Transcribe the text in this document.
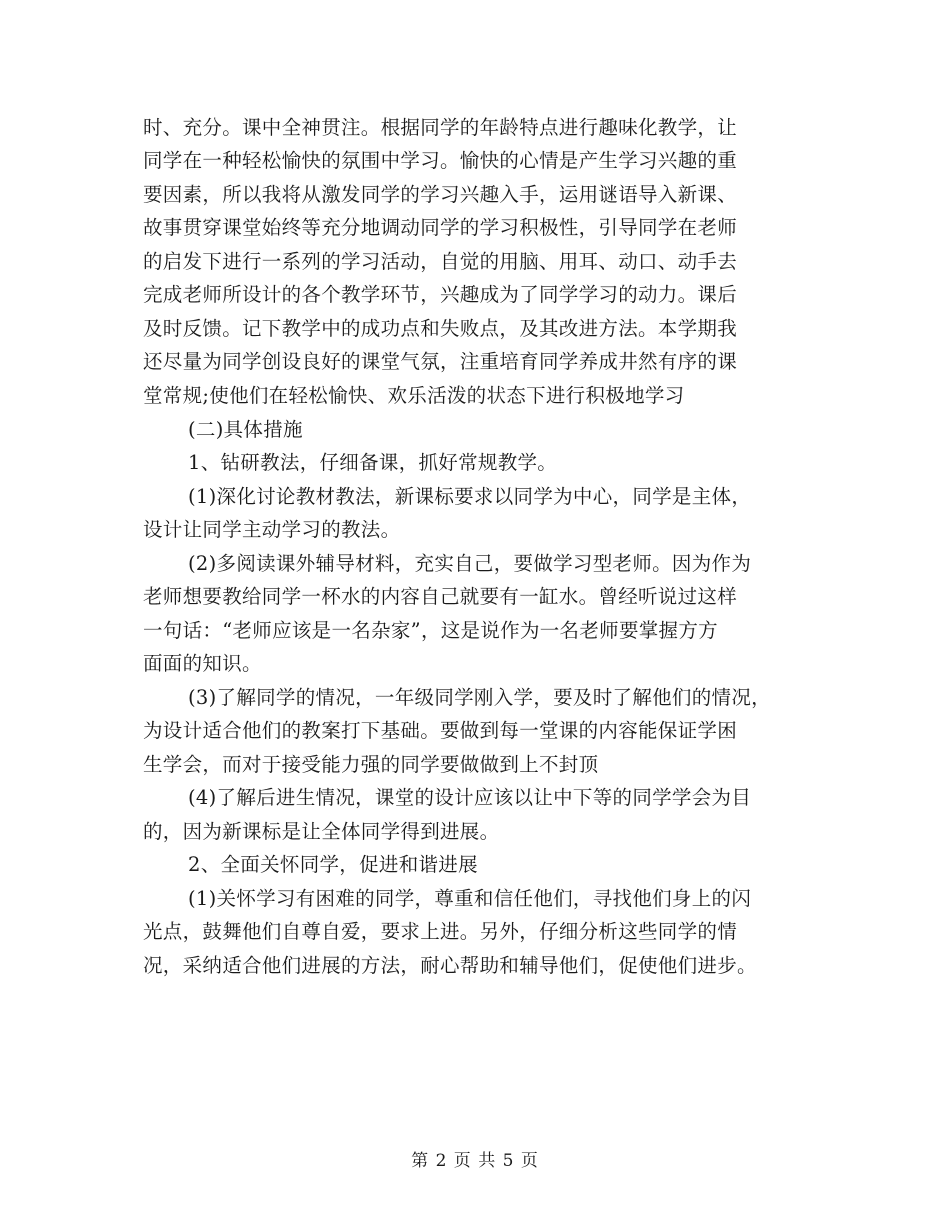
时、充分。课中全神贯注。根据同学的年龄特点进行趣味化教学，让
同学在一种轻松愉快的氛围中学习。愉快的心情是产生学习兴趣的重
要因素，所以我将从激发同学的学习兴趣入手，运用谜语导入新课、
故事贯穿课堂始终等充分地调动同学的学习积极性，引导同学在老师
的启发下进行一系列的学习活动，自觉的用脑、用耳、动口、动手去
完成老师所设计的各个教学环节，兴趣成为了同学学习的动力。课后
及时反馈。记下教学中的成功点和失败点，及其改进方法。本学期我
还尽量为同学创设良好的课堂气氛，注重培育同学养成井然有序的课
堂常规;使他们在轻松愉快、欢乐活泼的状态下进行积极地学习
(二)具体措施
1、钻研教法，仔细备课，抓好常规教学。
(1)深化讨论教材教法，新课标要求以同学为中心，同学是主体，
设计让同学主动学习的教法。
(2)多阅读课外辅导材料，充实自己，要做学习型老师。因为作为
老师想要教给同学一杯水的内容自己就要有一缸水。曾经听说过这样
一句话：“老师应该是一名杂家”，这是说作为一名老师要掌握方方
面面的知识。
(3)了解同学的情况，一年级同学刚入学，要及时了解他们的情况，
为设计适合他们的教案打下基础。要做到每一堂课的内容能保证学困
生学会，而对于接受能力强的同学要做做到上不封顶
(4)了解后进生情况，课堂的设计应该以让中下等的同学学会为目
的，因为新课标是让全体同学得到进展。
2、全面关怀同学，促进和谐进展
(1)关怀学习有困难的同学，尊重和信任他们，寻找他们身上的闪
光点，鼓舞他们自尊自爱，要求上进。另外，仔细分析这些同学的情
况，采纳适合他们进展的方法，耐心帮助和辅导他们，促使他们进步。
第 2 页 共 5 页
